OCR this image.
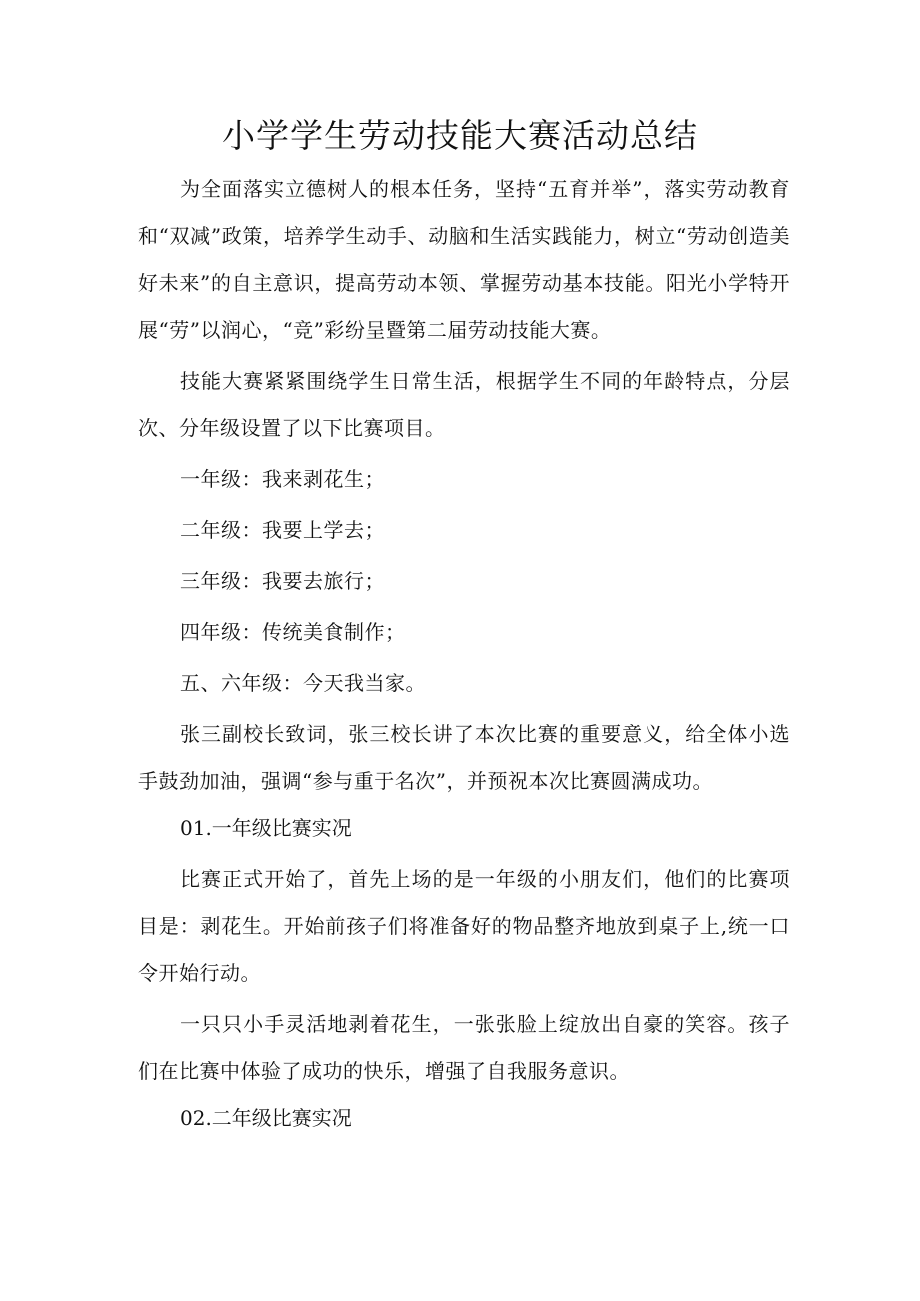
小学学生劳动技能大赛活动总结

为全面落实立德树人的根本任务，坚持“五育并举”，落实劳动教育和“双减”政策，培养学生动手、动脑和生活实践能力，树立“劳动创造美好未来”的自主意识，提高劳动本领、掌握劳动基本技能。阳光小学特开展“劳”以润心，“竞”彩纷呈暨第二届劳动技能大赛。

技能大赛紧紧围绕学生日常生活，根据学生不同的年龄特点，分层次、分年级设置了以下比赛项目。

一年级：我来剥花生；

二年级：我要上学去；

三年级：我要去旅行；

四年级：传统美食制作；

五、六年级：今天我当家。

张三副校长致词，张三校长讲了本次比赛的重要意义，给全体小选手鼓劲加油，强调“参与重于名次”，并预祝本次比赛圆满成功。

01.一年级比赛实况

比赛正式开始了，首先上场的是一年级的小朋友们，他们的比赛项目是：剥花生。开始前孩子们将准备好的物品整齐地放到桌子上,统一口令开始行动。

一只只小手灵活地剥着花生，一张张脸上绽放出自豪的笑容。孩子们在比赛中体验了成功的快乐，增强了自我服务意识。

02.二年级比赛实况
